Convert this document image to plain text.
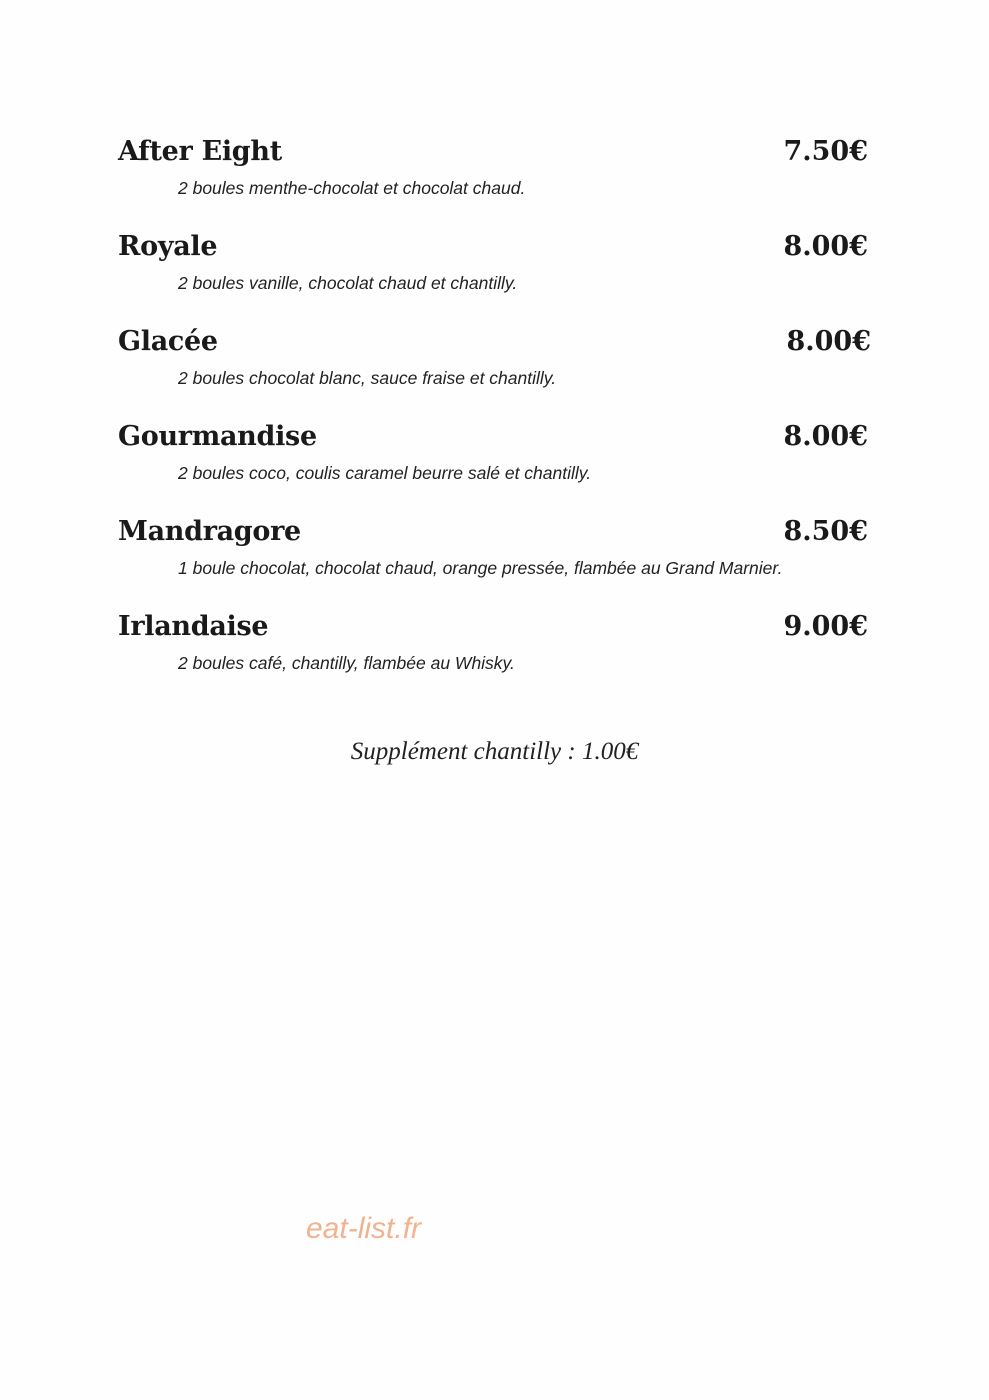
After Eight	7.50€
2 boules menthe-chocolat et chocolat chaud.
Royale	8.00€
2 boules vanille, chocolat chaud et chantilly.
Glacée	8.00€
2 boules chocolat blanc, sauce fraise et chantilly.
Gourmandise	8.00€
2 boules coco, coulis caramel beurre salé et chantilly.
Mandragore	8.50€
1 boule chocolat, chocolat chaud, orange pressée, flambée au Grand Marnier.
Irlandaise	9.00€
2 boules café, chantilly, flambée au Whisky.
Supplément chantilly : 1.00€
eat-list.fr
